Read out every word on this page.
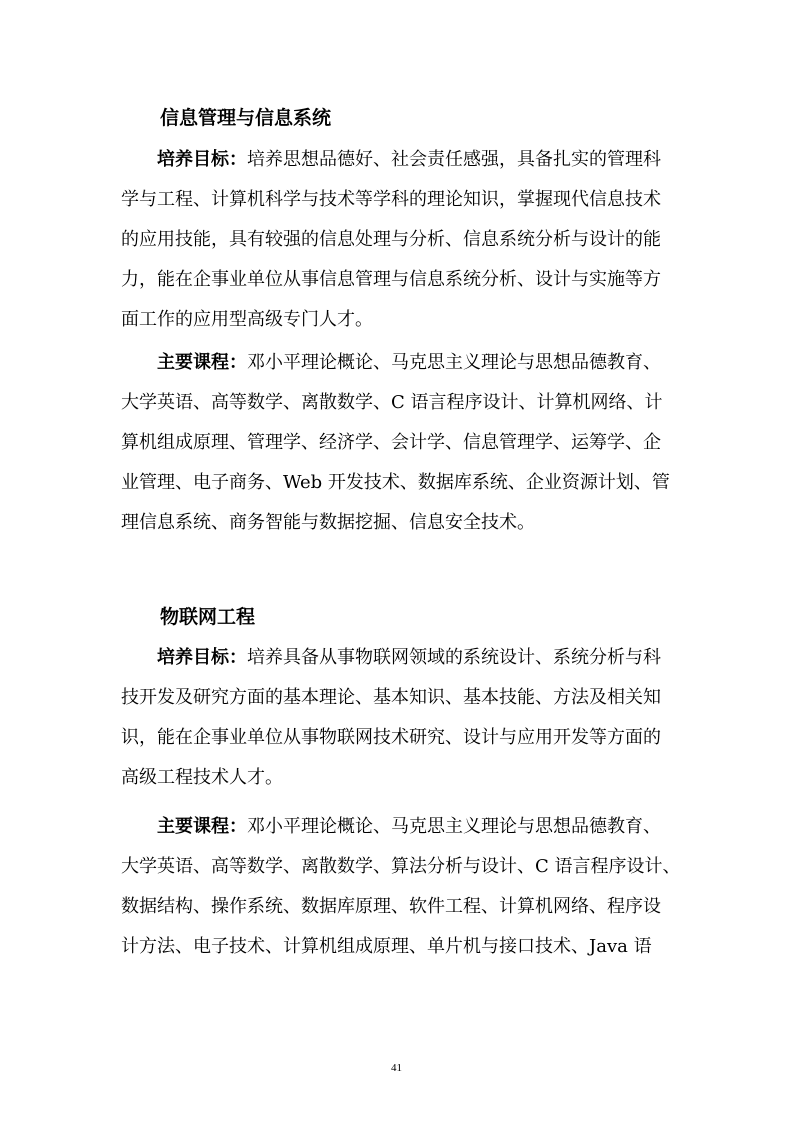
信息管理与信息系统
培养目标：培养思想品德好、社会责任感强，具备扎实的管理科
学与工程、计算机科学与技术等学科的理论知识，掌握现代信息技术
的应用技能，具有较强的信息处理与分析、信息系统分析与设计的能
力，能在企事业单位从事信息管理与信息系统分析、设计与实施等方
面工作的应用型高级专门人才。
主要课程：邓小平理论概论、马克思主义理论与思想品德教育、
大学英语、高等数学、离散数学、C 语言程序设计、计算机网络、计
算机组成原理、管理学、经济学、会计学、信息管理学、运筹学、企
业管理、电子商务、Web 开发技术、数据库系统、企业资源计划、管
理信息系统、商务智能与数据挖掘、信息安全技术。
物联网工程
培养目标：培养具备从事物联网领域的系统设计、系统分析与科
技开发及研究方面的基本理论、基本知识、基本技能、方法及相关知
识，能在企事业单位从事物联网技术研究、设计与应用开发等方面的
高级工程技术人才。
主要课程：邓小平理论概论、马克思主义理论与思想品德教育、
大学英语、高等数学、离散数学、算法分析与设计、C 语言程序设计、
数据结构、操作系统、数据库原理、软件工程、计算机网络、程序设
计方法、电子技术、计算机组成原理、单片机与接口技术、Java 语
41
